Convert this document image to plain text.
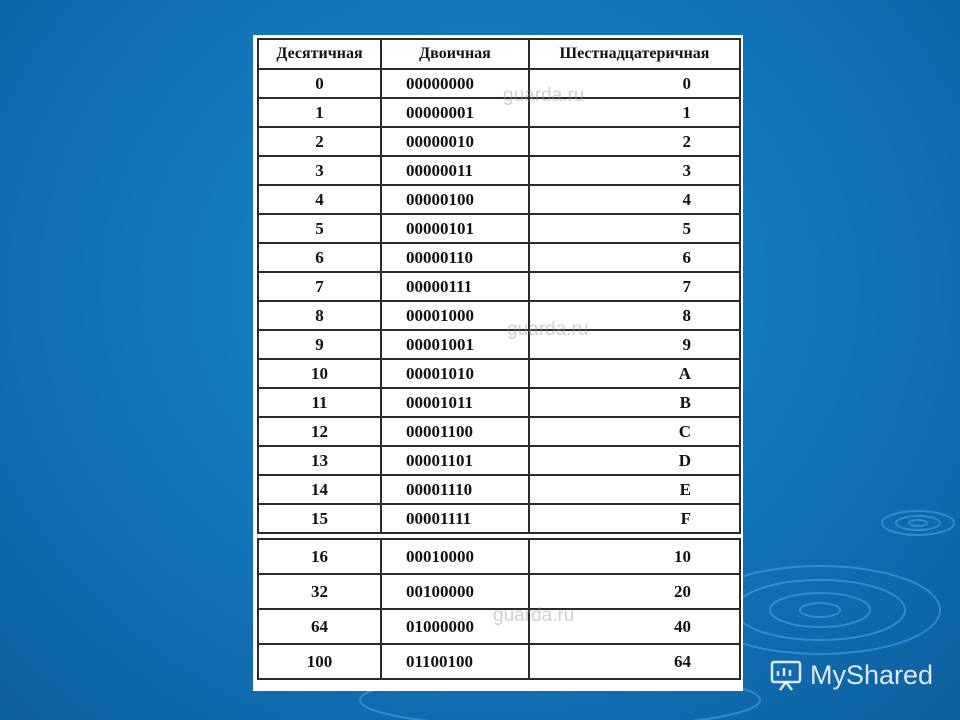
Десятичная	Двоичная	Шестнадцатеричная
0	00000000	0
1	00000001	1
2	00000010	2
3	00000011	3
4	00000100	4
5	00000101	5
6	00000110	6
7	00000111	7
8	00001000	8
9	00001001	9
10	00001010	A
11	00001011	B
12	00001100	C
13	00001101	D
14	00001110	E
15	00001111	F

16	00010000	10
32	00100000	20
64	01000000	40
100	01100100	64
guarda.ru
guarda.ru
guarda.ru
MyShared
